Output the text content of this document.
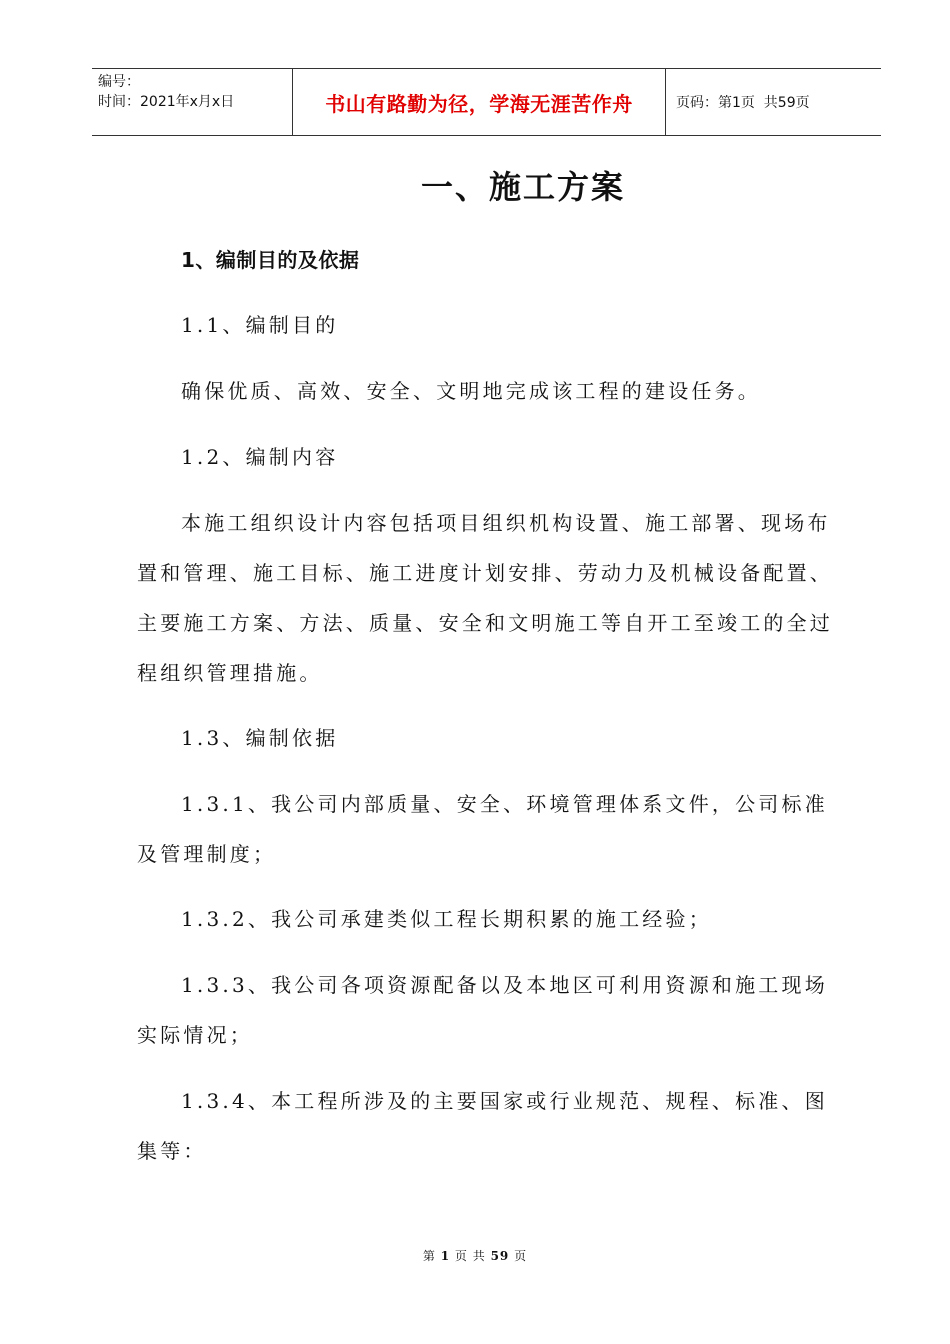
编号：
时间：2021年x月x日	书山有路勤为径，学海无涯苦作舟	页码：第1页  共59页
一、施工方案

1、编制目的及依据

1.1、编制目的

确保优质、高效、安全、文明地完成该工程的建设任务。

1.2、编制内容

本施工组织设计内容包括项目组织机构设置、施工部署、现场布置和管理、施工目标、施工进度计划安排、劳动力及机械设备配置、主要施工方案、方法、质量、安全和文明施工等自开工至竣工的全过程组织管理措施。

1.3、编制依据

1.3.1、我公司内部质量、安全、环境管理体系文件，公司标准及管理制度；

1.3.2、我公司承建类似工程长期积累的施工经验；

1.3.3、我公司各项资源配备以及本地区可利用资源和施工现场实际情况；

1.3.4、本工程所涉及的主要国家或行业规范、规程、标准、图集等：

第 1 页 共 59 页
